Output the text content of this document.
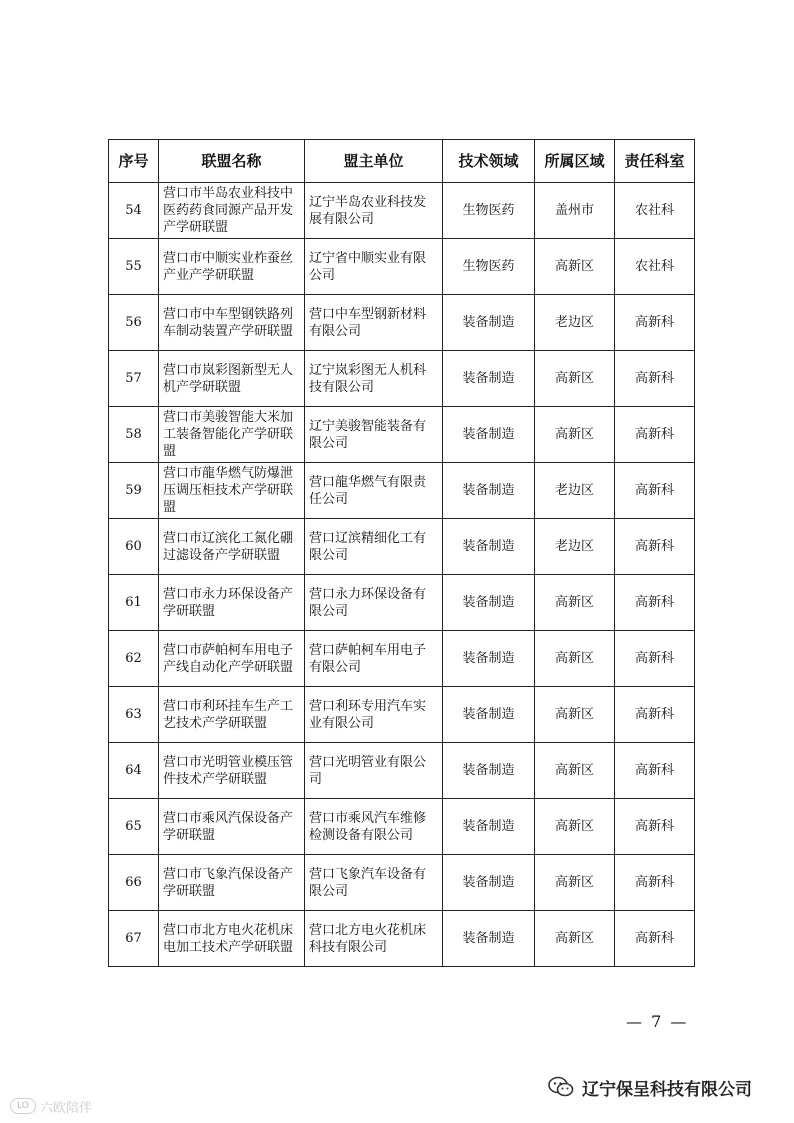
序号	联盟名称	盟主单位	技术领域	所属区域	责任科室
54	营口市半岛农业科技中医药药食同源产品开发产学研联盟	辽宁半岛农业科技发展有限公司	生物医药	盖州市	农社科
55	营口市中顺实业柞蚕丝产业产学研联盟	辽宁省中顺实业有限公司	生物医药	高新区	农社科
56	营口市中车型钢铁路列车制动装置产学研联盟	营口中车型钢新材料有限公司	装备制造	老边区	高新科
57	营口市岚彩图新型无人机产学研联盟	辽宁岚彩图无人机科技有限公司	装备制造	高新区	高新科
58	营口市美骏智能大米加工装备智能化产学研联盟	辽宁美骏智能装备有限公司	装备制造	高新区	高新科
59	营口市龍华燃气防爆泄压调压柜技术产学研联盟	营口龍华燃气有限责任公司	装备制造	老边区	高新科
60	营口市辽滨化工氮化硼过滤设备产学研联盟	营口辽滨精细化工有限公司	装备制造	老边区	高新科
61	营口市永力环保设备产学研联盟	营口永力环保设备有限公司	装备制造	高新区	高新科
62	营口市萨帕柯车用电子产线自动化产学研联盟	营口萨帕柯车用电子有限公司	装备制造	高新区	高新科
63	营口市利环挂车生产工艺技术产学研联盟	营口利环专用汽车实业有限公司	装备制造	高新区	高新科
64	营口市光明管业模压管件技术产学研联盟	营口光明管业有限公司	装备制造	高新区	高新科
65	营口市乘风汽保设备产学研联盟	营口市乘风汽车维修检测设备有限公司	装备制造	高新区	高新科
66	营口市飞象汽保设备产学研联盟	营口飞象汽车设备有限公司	装备制造	高新区	高新科
67	营口市北方电火花机床电加工技术产学研联盟	营口北方电火花机床科技有限公司	装备制造	高新区	高新科
— 7 —
辽宁保呈科技有限公司
LO 六欧陪伴
